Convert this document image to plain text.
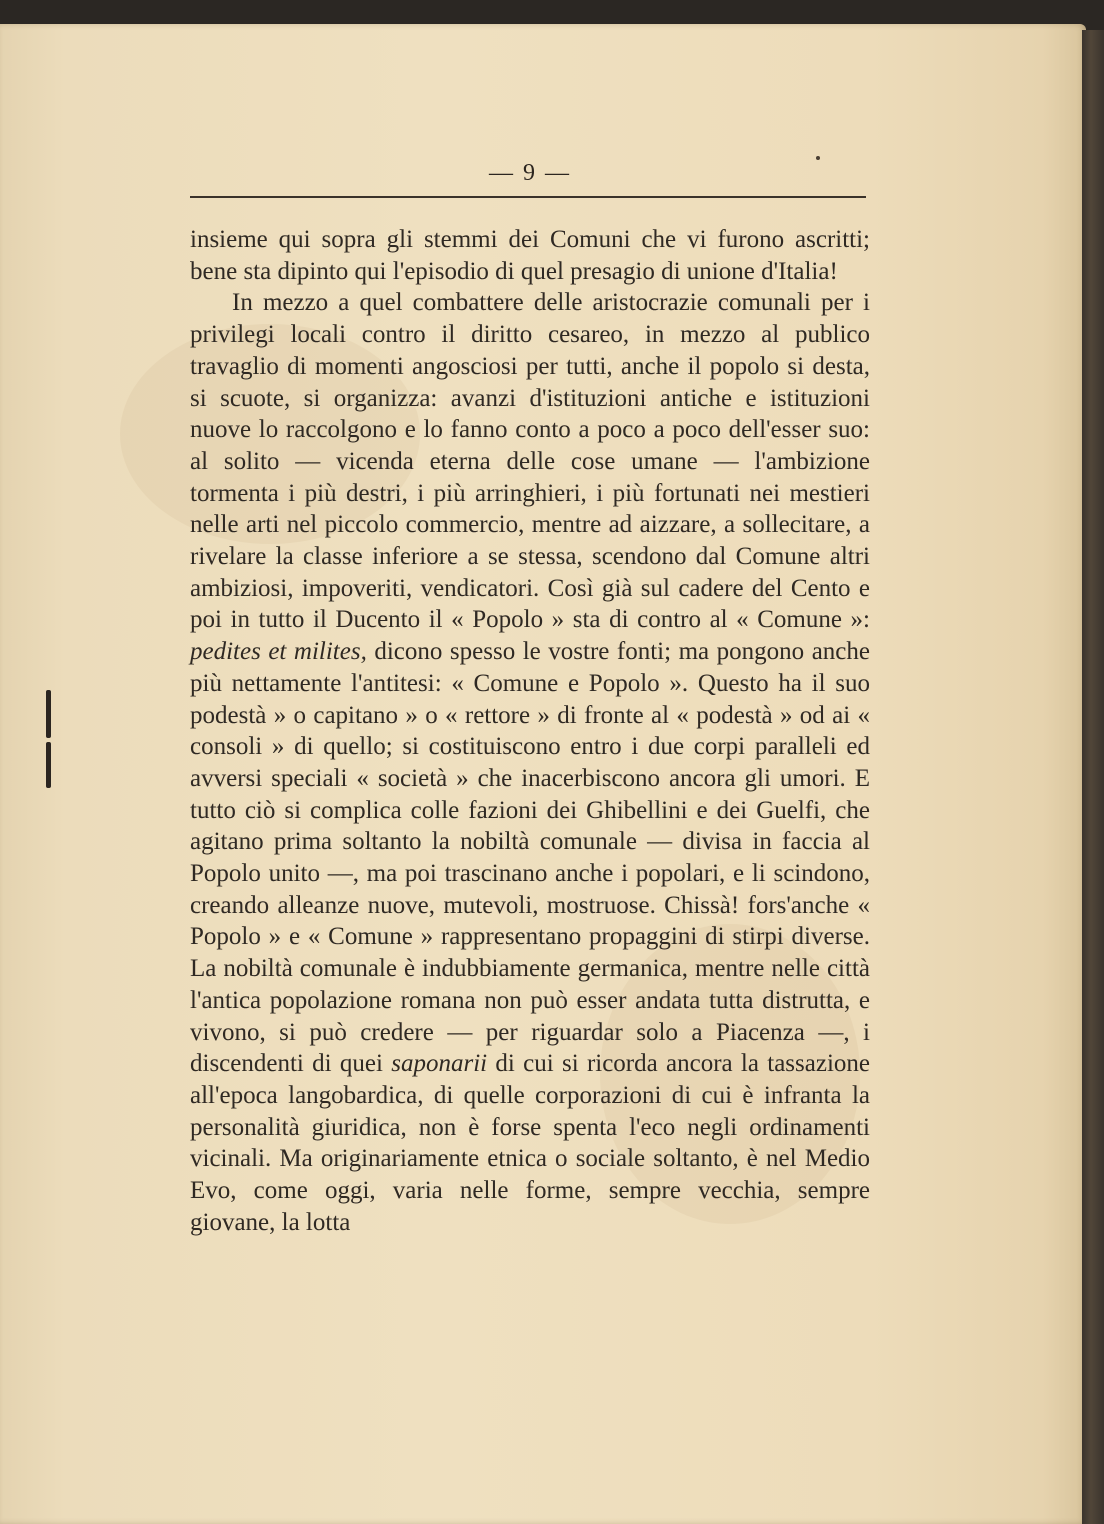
— 9 —

insieme qui sopra gli stemmi dei Comuni che vi furono ascritti; bene sta dipinto qui l'episodio di quel presagio di unione d'Italia!

In mezzo a quel combattere delle aristocrazie comunali per i privilegi locali contro il diritto cesareo, in mezzo al publico travaglio di momenti angosciosi per tutti, anche il popolo si desta, si scuote, si organizza: avanzi d'istituzioni antiche e istituzioni nuove lo raccolgono e lo fanno conto a poco a poco dell'esser suo: al solito — vicenda eterna delle cose umane — l'ambizione tormenta i più destri, i più arringhieri, i più fortunati nei mestieri nelle arti nel piccolo commercio, mentre ad aizzare, a sollecitare, a rivelare la classe inferiore a se stessa, scendono dal Comune altri ambiziosi, impoveriti, vendicatori. Così già sul cadere del Cento e poi in tutto il Ducento il « Popolo » sta di contro al « Comune »: pedites et milites, dicono spesso le vostre fonti; ma pongono anche più nettamente l'antitesi: « Comune e Popolo ». Questo ha il suo podestà » o capitano » o « rettore » di fronte al « podestà » od ai « consoli » di quello; si costituiscono entro i due corpi paralleli ed avversi speciali « società » che inacerbiscono ancora gli umori. E tutto ciò si complica colle fazioni dei Ghibellini e dei Guelfi, che agitano prima soltanto la nobiltà comunale — divisa in faccia al Popolo unito —, ma poi trascinano anche i popolari, e li scindono, creando alleanze nuove, mutevoli, mostruose. Chissà! fors'anche « Popolo » e « Comune » rappresentano propaggini di stirpi diverse. La nobiltà comunale è indubbiamente germanica, mentre nelle città l'antica popolazione romana non può esser andata tutta distrutta, e vivono, si può credere — per riguardar solo a Piacenza —, i discendenti di quei saponarii di cui si ricorda ancora la tassazione all'epoca langobardica, di quelle corporazioni di cui è infranta la personalità giuridica, non è forse spenta l'eco negli ordinamenti vicinali. Ma originariamente etnica o sociale soltanto, è nel Medio Evo, come oggi, varia nelle forme, sempre vecchia, sempre giovane, la lotta
